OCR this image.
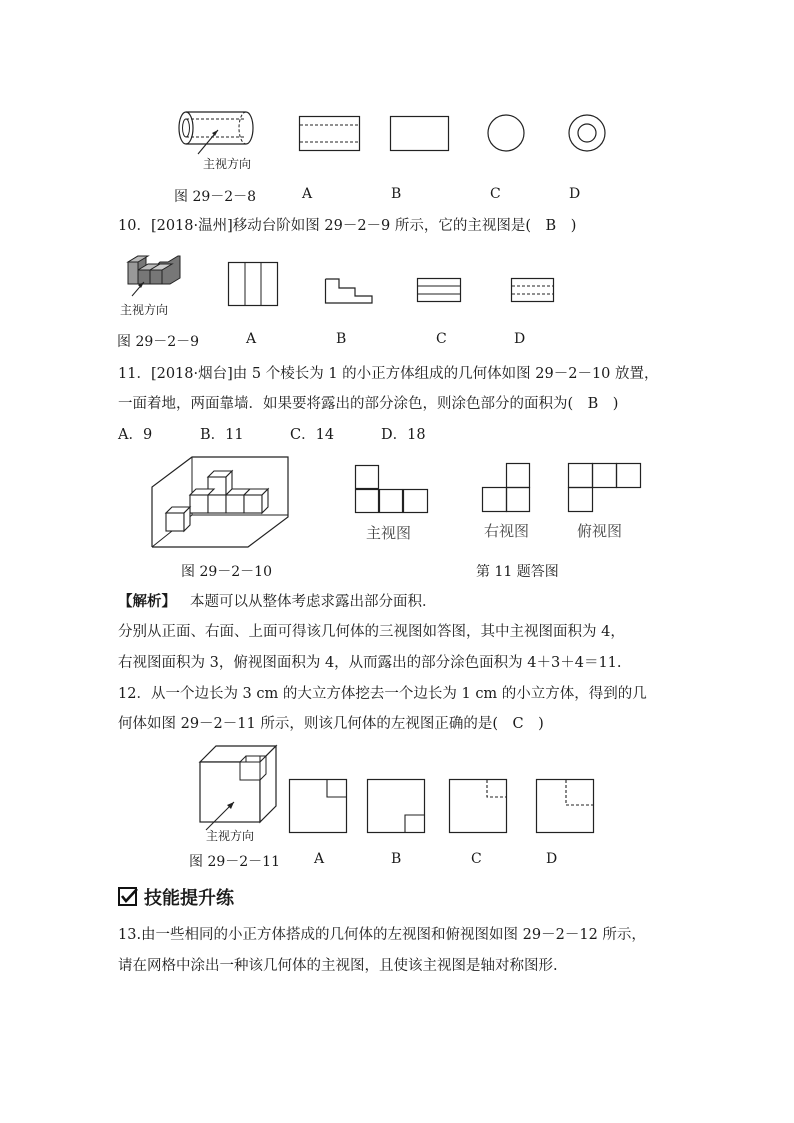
主视方向
图 29－2－8	A	B	C	D
10．[2018·温州]移动台阶如图 29－2－9 所示，它的主视图是(　B　)
主视方向
图 29－2－9	A	B	C	D
11．[2018·烟台]由 5 个棱长为 1 的小正方体组成的几何体如图 29－2－10 放置，
一面着地，两面靠墙．如果要将露出的部分涂色，则涂色部分的面积为(　B　)
A．9	B．11	C．14	D．18
主视图	右视图	俯视图
图 29－2－10	第 11 题答图
【解析】 本题可以从整体考虑求露出部分面积．
分别从正面、右面、上面可得该几何体的三视图如答图，其中主视图面积为 4，
右视图面积为 3，俯视图面积为 4，从而露出的部分涂色面积为 4＋3＋4＝11.
12．从一个边长为 3 cm 的大立方体挖去一个边长为 1 cm 的小立方体，得到的几
何体如图 29－2－11 所示，则该几何体的左视图正确的是(　C　)
主视方向
图 29－2－11 A	B	C	D
技能提升练
13.由一些相同的小正方体搭成的几何体的左视图和俯视图如图 29－2－12 所示，
请在网格中涂出一种该几何体的主视图，且使该主视图是轴对称图形.
